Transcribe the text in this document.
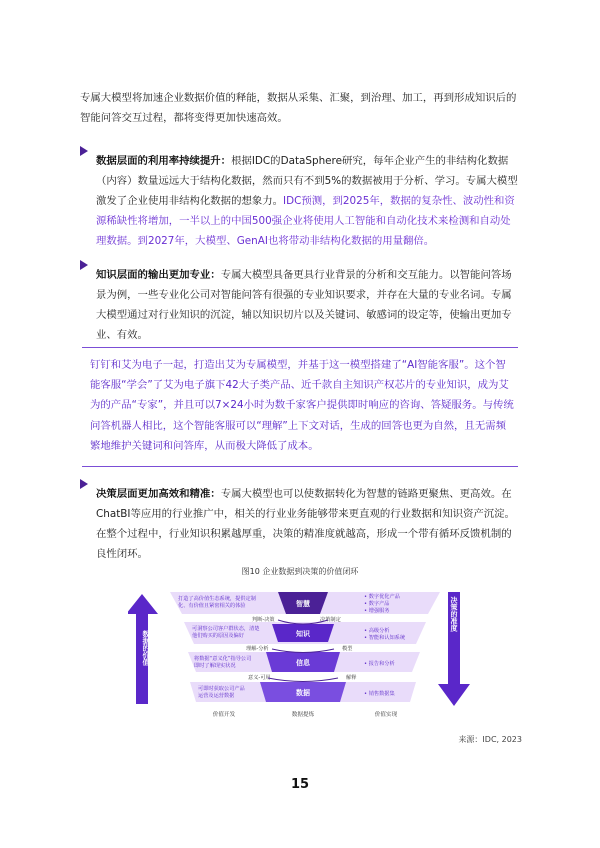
专属大模型将加速企业数据价值的释能，数据从采集、汇聚，到治理、加工，再到形成知识后的智能问答交互过程，都将变得更加快速高效。
数据层面的利用率持续提升：根据IDC的DataSphere研究，每年企业产生的非结构化数据（内容）数量远远大于结构化数据，然而只有不到5%的数据被用于分析、学习。专属大模型激发了企业使用非结构化数据的想象力。IDC预测，到2025年，数据的复杂性、波动性和资源稀缺性将增加，一半以上的中国500强企业将使用人工智能和自动化技术来检测和自动处理数据。到2027年，大模型、GenAI也将带动非结构化数据的用量翻倍。
知识层面的输出更加专业：专属大模型具备更具行业背景的分析和交互能力。以智能问答场景为例，一些专业化公司对智能问答有很强的专业知识要求，并存在大量的专业名词。专属大模型通过对行业知识的沉淀，辅以知识切片以及关键词、敏感词的设定等，使输出更加专业、有效。
钉钉和艾为电子一起，打造出艾为专属模型，并基于这一模型搭建了“AI智能客服”。这个智能客服“学会”了艾为电子旗下42大子类产品、近千款自主知识产权芯片的专业知识，成为艾为的产品“专家”，并且可以7×24小时为数千家客户提供即时响应的咨询、答疑服务。与传统问答机器人相比，这个智能客服可以“理解”上下文对话，生成的回答也更为自然，且无需频繁地维护关键词和问答库，从而极大降低了成本。
决策层面更加高效和精准：专属大模型也可以使数据转化为智慧的链路更聚焦、更高效。在ChatBI等应用的行业推广中，相关的行业业务能够带来更直观的行业数据和知识资产沉淀。在整个过程中，行业知识积累越厚重，决策的精准度就越高，形成一个带有循环反馈机制的良性闭环。
图10 企业数据到决策的价值闭环
数据的价值
决策的准度
智慧
知识
信息
数据
打造了高价值生态系统，提供定制
化、有价值且紧密相关的体验
可洞察公司客户群状态，清楚
他们购买的原因及偏好
将数据“意义化”指导公司
即时了解现实状况
可即时获取公司产品
运营及运营数据
• 数字优化产品
• 数字产品
• 增强服务
• 高级分析
• 智能和认知系统
• 报告和分析
• 销售数据集
判断-决策	决策制定
理解-分析	模型
意义-可用	解释
价值开发	数据提炼	价值实现
来源：IDC, 2023
15
